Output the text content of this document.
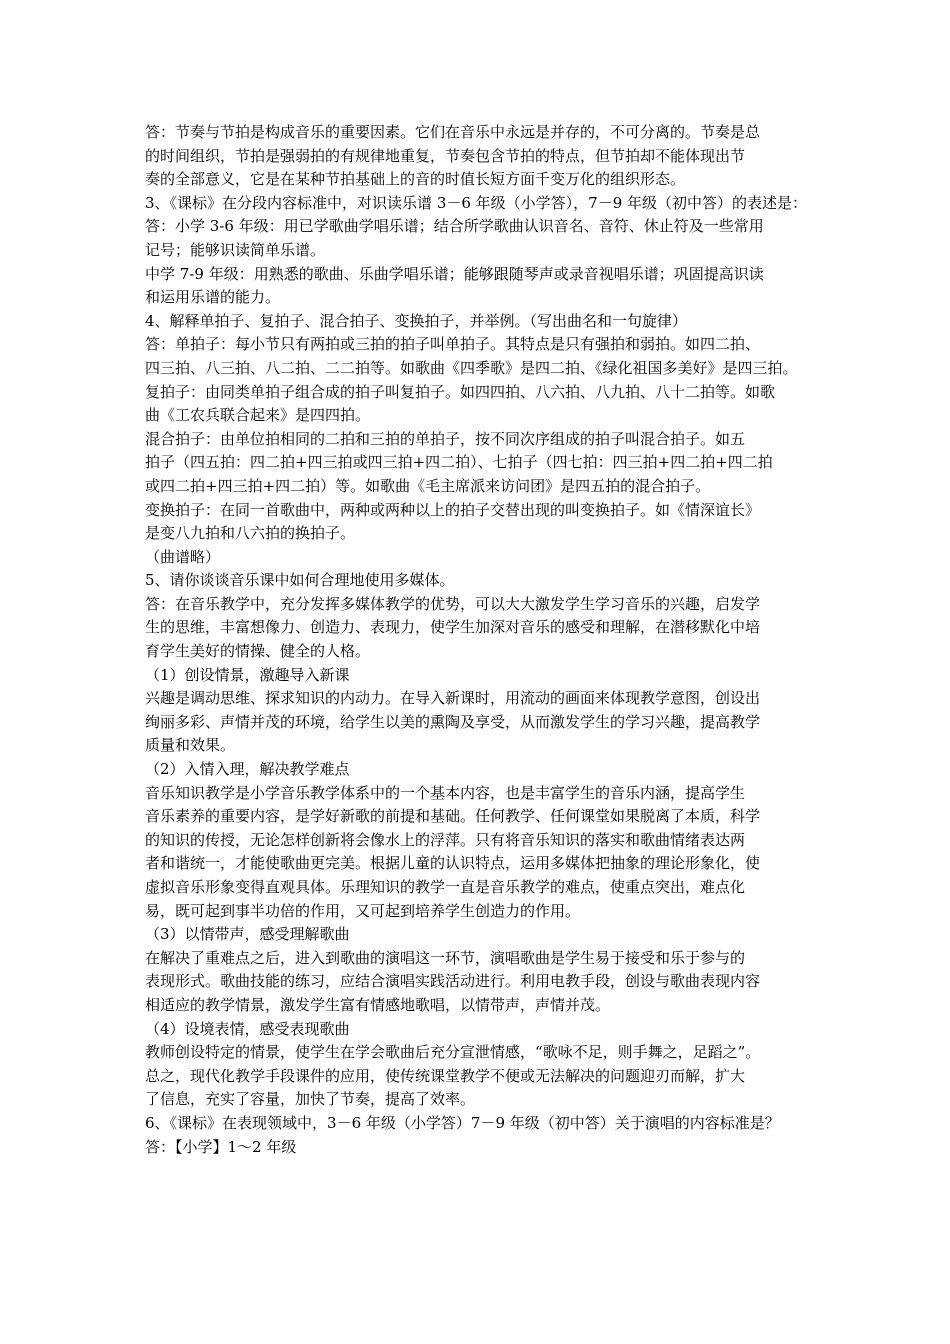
答：节奏与节拍是构成音乐的重要因素。它们在音乐中永远是并存的，不可分离的。节奏是总
的时间组织，节拍是强弱拍的有规律地重复，节奏包含节拍的特点，但节拍却不能体现出节
奏的全部意义，它是在某种节拍基础上的音的时值长短方面千变万化的组织形态。
3、《课标》在分段内容标准中，对识读乐谱 3－6 年级（小学答），7－9 年级（初中答）的表述是：
答：小学 3-6 年级：用已学歌曲学唱乐谱；结合所学歌曲认识音名、音符、休止符及一些常用
记号；能够识读简单乐谱。
中学 7-9 年级：用熟悉的歌曲、乐曲学唱乐谱；能够跟随琴声或录音视唱乐谱；巩固提高识读
和运用乐谱的能力。
4、解释单拍子、复拍子、混合拍子、变换拍子，并举例。（写出曲名和一句旋律）
答：单拍子：每小节只有两拍或三拍的拍子叫单拍子。其特点是只有强拍和弱拍。如四二拍、
四三拍、八三拍、八二拍、二二拍等。如歌曲《四季歌》是四二拍、《绿化祖国多美好》是四三拍。
复拍子：由同类单拍子组合成的拍子叫复拍子。如四四拍、八六拍、八九拍、八十二拍等。如歌
曲《工农兵联合起来》是四四拍。
混合拍子：由单位拍相同的二拍和三拍的单拍子，按不同次序组成的拍子叫混合拍子。如五
拍子（四五拍：四二拍+四三拍或四三拍+四二拍）、七拍子（四七拍：四三拍+四二拍+四二拍
或四二拍+四三拍+四二拍）等。如歌曲《毛主席派来访问团》是四五拍的混合拍子。
变换拍子：在同一首歌曲中，两种或两种以上的拍子交替出现的叫变换拍子。如《情深谊长》
是变八九拍和八六拍的换拍子。
（曲谱略）
5、请你谈谈音乐课中如何合理地使用多媒体。
答：在音乐教学中，充分发挥多媒体教学的优势，可以大大激发学生学习音乐的兴趣，启发学
生的思维，丰富想像力、创造力、表现力，使学生加深对音乐的感受和理解，在潜移默化中培
育学生美好的情操、健全的人格。
（1）创设情景，激趣导入新课
兴趣是调动思维、探求知识的内动力。在导入新课时，用流动的画面来体现教学意图，创设出
绚丽多彩、声情并茂的环境，给学生以美的熏陶及享受，从而激发学生的学习兴趣，提高教学
质量和效果。
（2）入情入理，解决教学难点
音乐知识教学是小学音乐教学体系中的一个基本内容，也是丰富学生的音乐内涵，提高学生
音乐素养的重要内容，是学好新歌的前提和基础。任何教学、任何课堂如果脱离了本质，科学
的知识的传授，无论怎样创新将会像水上的浮萍。只有将音乐知识的落实和歌曲情绪表达两
者和谐统一，才能使歌曲更完美。根据儿童的认识特点，运用多媒体把抽象的理论形象化，使
虚拟音乐形象变得直观具体。乐理知识的教学一直是音乐教学的难点，使重点突出，难点化
易，既可起到事半功倍的作用，又可起到培养学生创造力的作用。
（3）以情带声，感受理解歌曲
在解决了重难点之后，进入到歌曲的演唱这一环节，演唱歌曲是学生易于接受和乐于参与的
表现形式。歌曲技能的练习，应结合演唱实践活动进行。利用电教手段，创设与歌曲表现内容
相适应的教学情景，激发学生富有情感地歌唱，以情带声，声情并茂。
（4）设境表情，感受表现歌曲
教师创设特定的情景，使学生在学会歌曲后充分宣泄情感，“歌咏不足，则手舞之，足蹈之”。
总之，现代化教学手段课件的应用，使传统课堂教学不便或无法解决的问题迎刃而解，扩大
了信息，充实了容量，加快了节奏，提高了效率。
6、《课标》在表现领域中，3－6 年级（小学答）7－9 年级（初中答）关于演唱的内容标准是？
答：【小学】1～2 年级
